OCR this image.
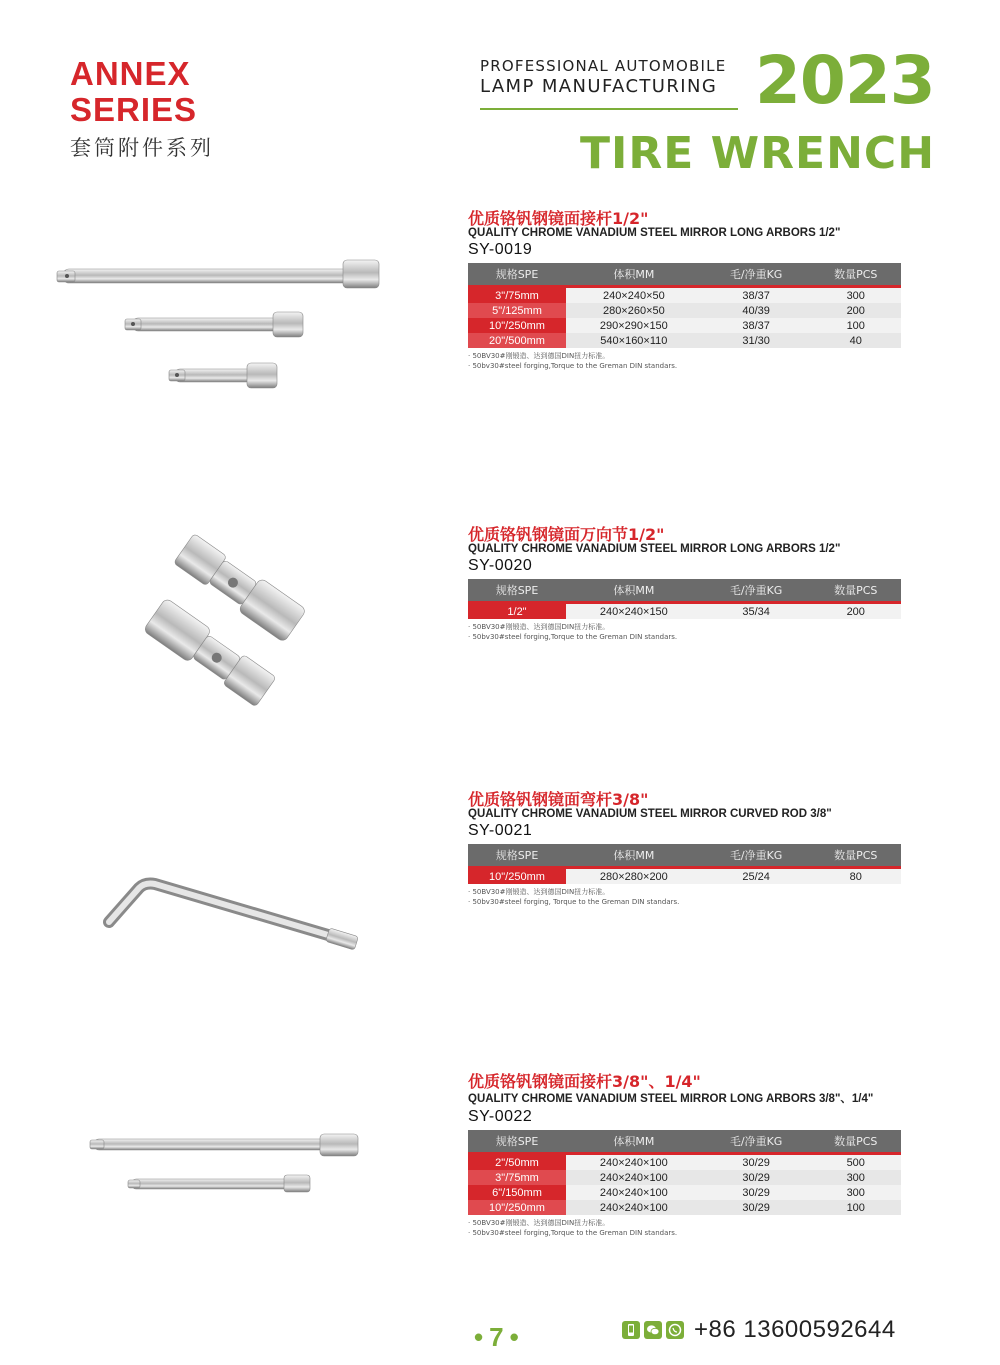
ANNEX
SERIES
套筒附件系列
PROFESSIONAL AUTOMOBILE
LAMP MANUFACTURING 2023
TIRE WRENCH
优质铬钒钢镜面接杆1/2"
QUALITY CHROME VANADIUM STEEL MIRROR LONG ARBORS 1/2"
SY-0019
规格SPE	体积MM	毛/净重KG	数量PCS
3"/75mm	240×240×50	38/37	300
5"/125mm	280×260×50	40/39	200
10"/250mm	290×290×150	38/37	100
20"/500mm	540×160×110	31/30	40
· 50BV30#刚锻造、达到德国DIN扭力标准。
· 50bv30#steel forging,Torque to the Greman DIN standars.
优质铬钒钢镜面万向节1/2"
QUALITY CHROME VANADIUM STEEL MIRROR LONG ARBORS 1/2"
SY-0020
规格SPE	体积MM	毛/净重KG	数量PCS
1/2"	240×240×150	35/34	200
· 50BV30#刚锻造、达到德国DIN扭力标准。
· 50bv30#steel forging,Torque to the Greman DIN standars.
优质铬钒钢镜面弯杆3/8"
QUALITY CHROME VANADIUM STEEL MIRROR CURVED ROD 3/8"
SY-0021
规格SPE	体积MM	毛/净重KG	数量PCS
10"/250mm	280×280×200	25/24	80
· 50BV30#刚锻造、达到德国DIN扭力标准。
· 50bv30#steel forging, Torque to the Greman DIN standars.
优质铬钒钢镜面接杆3/8"、1/4"
QUALITY CHROME VANADIUM STEEL MIRROR LONG ARBORS 3/8"、1/4"
SY-0022
规格SPE	体积MM	毛/净重KG	数量PCS
2"/50mm	240×240×100	30/29	500
3"/75mm	240×240×100	30/29	300
6"/150mm	240×240×100	30/29	300
10"/250mm	240×240×100	30/29	100
· 50BV30#刚锻造、达到德国DIN扭力标准。
· 50bv30#steel forging,Torque to the Greman DIN standars.
•7•	+86 13600592644
